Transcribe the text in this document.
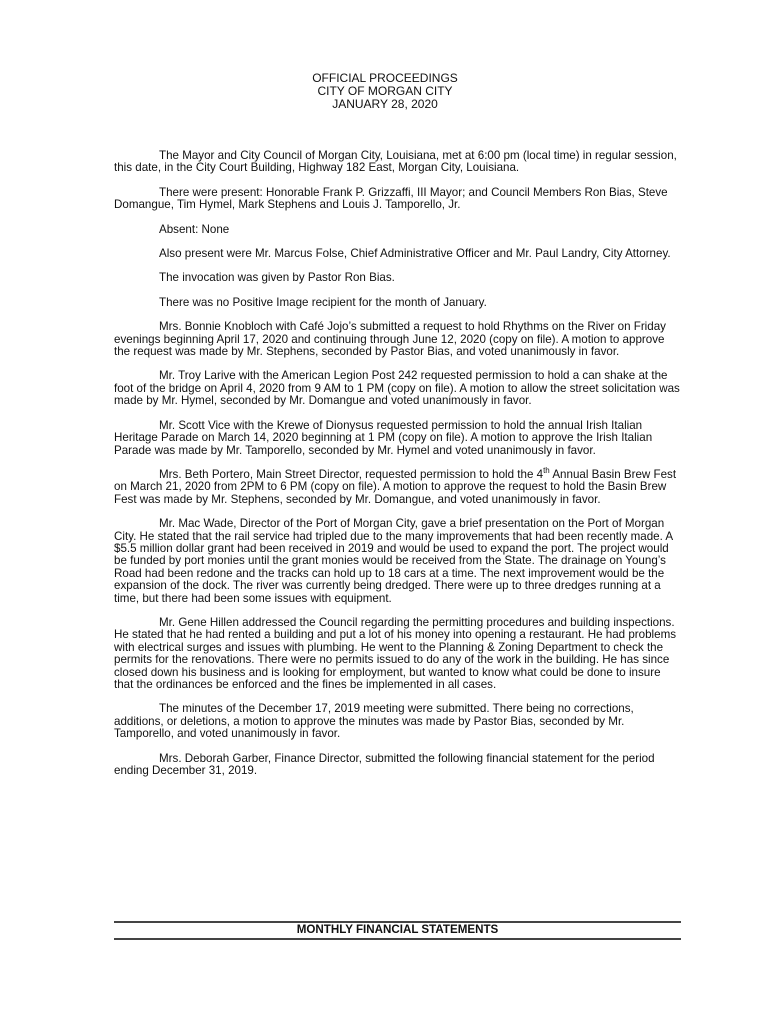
OFFICIAL PROCEEDINGS
CITY OF MORGAN CITY
JANUARY 28, 2020

The Mayor and City Council of Morgan City, Louisiana, met at 6:00 pm (local time) in regular session, this date, in the City Court Building, Highway 182 East, Morgan City, Louisiana.

There were present: Honorable Frank P. Grizzaffi, III Mayor; and Council Members Ron Bias, Steve Domangue, Tim Hymel, Mark Stephens and Louis J. Tamporello, Jr.

Absent: None

Also present were Mr. Marcus Folse, Chief Administrative Officer and Mr. Paul Landry, City Attorney.

The invocation was given by Pastor Ron Bias.

There was no Positive Image recipient for the month of January.

Mrs. Bonnie Knobloch with Café Jojo’s submitted a request to hold Rhythms on the River on Friday evenings beginning April 17, 2020 and continuing through June 12, 2020 (copy on file). A motion to approve the request was made by Mr. Stephens, seconded by Pastor Bias, and voted unanimously in favor.

Mr. Troy Larive with the American Legion Post 242 requested permission to hold a can shake at the foot of the bridge on April 4, 2020 from 9 AM to 1 PM (copy on file). A motion to allow the street solicitation was made by Mr. Hymel, seconded by Mr. Domangue and voted unanimously in favor.

Mr. Scott Vice with the Krewe of Dionysus requested permission to hold the annual Irish Italian Heritage Parade on March 14, 2020 beginning at 1 PM (copy on file). A motion to approve the Irish Italian Parade was made by Mr. Tamporello, seconded by Mr. Hymel and voted unanimously in favor.

Mrs. Beth Portero, Main Street Director, requested permission to hold the 4th Annual Basin Brew Fest on March 21, 2020 from 2PM to 6 PM (copy on file). A motion to approve the request to hold the Basin Brew Fest was made by Mr. Stephens, seconded by Mr. Domangue, and voted unanimously in favor.

Mr. Mac Wade, Director of the Port of Morgan City, gave a brief presentation on the Port of Morgan City. He stated that the rail service had tripled due to the many improvements that had been recently made. A $5.5 million dollar grant had been received in 2019 and would be used to expand the port. The project would be funded by port monies until the grant monies would be received from the State. The drainage on Young’s Road had been redone and the tracks can hold up to 18 cars at a time. The next improvement would be the expansion of the dock. The river was currently being dredged. There were up to three dredges running at a time, but there had been some issues with equipment.

Mr. Gene Hillen addressed the Council regarding the permitting procedures and building inspections. He stated that he had rented a building and put a lot of his money into opening a restaurant. He had problems with electrical surges and issues with plumbing. He went to the Planning & Zoning Department to check the permits for the renovations. There were no permits issued to do any of the work in the building. He has since closed down his business and is looking for employment, but wanted to know what could be done to insure that the ordinances be enforced and the fines be implemented in all cases.

The minutes of the December 17, 2019 meeting were submitted. There being no corrections, additions, or deletions, a motion to approve the minutes was made by Pastor Bias, seconded by Mr. Tamporello, and voted unanimously in favor.

Mrs. Deborah Garber, Finance Director, submitted the following financial statement for the period ending December 31, 2019.

MONTHLY FINANCIAL STATEMENTS
